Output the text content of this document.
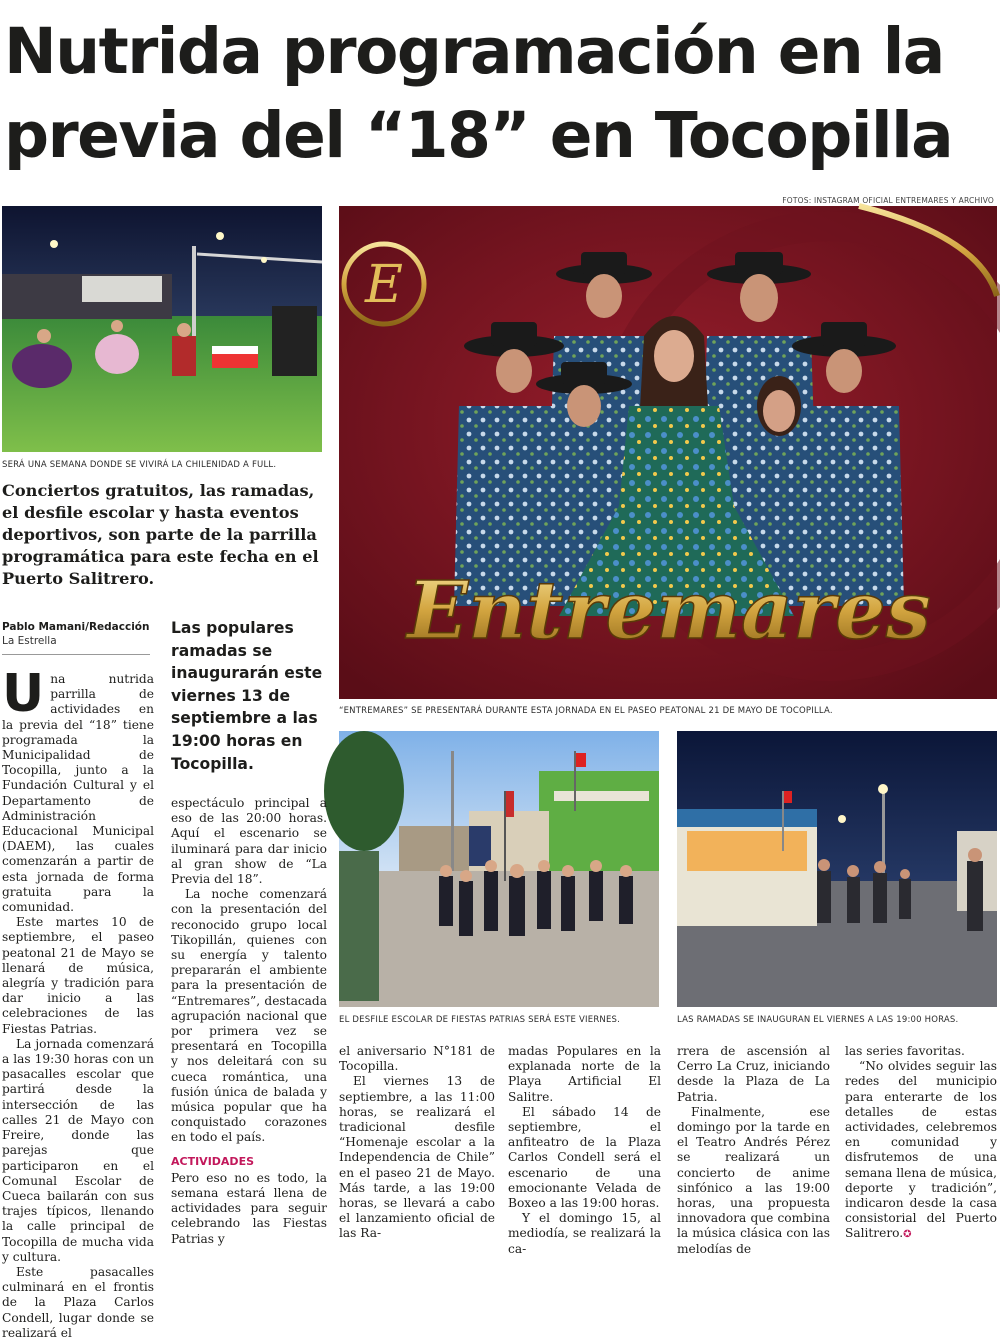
Nutrida programación en la previa del “18” en Tocopilla
FOTOS: INSTAGRAM OFICIAL ENTREMARES Y ARCHIVO
SERÁ UNA SEMANA DONDE SE VIVIRÁ LA CHILENIDAD A FULL.
E
Entremares
“ENTREMARES” SE PRESENTARÁ DURANTE ESTA JORNADA EN EL PASEO PEATONAL 21 DE MAYO DE TOCOPILLA.
EL DESFILE ESCOLAR DE FIESTAS PATRIAS SERÁ ESTE VIERNES.	LAS RAMADAS SE INAUGURAN EL VIERNES A LAS 19:00 HORAS.
Conciertos gratuitos, las ramadas, el desfile escolar y hasta eventos deportivos, son parte de la parrilla programática para este fecha en el Puerto Salitrero.
Pablo Mamani/Redacción
La Estrella
Las populares ramadas se inaugurarán este viernes 13 de septiembre a las 19:00 horas en Tocopilla.

Una nutrida parrilla de actividades en la previa del “18” tiene programada la Municipalidad de Tocopilla, junto a la Fundación Cultural y el Departamento de Administración Educacional Municipal (DAEM), las cuales comenzarán a partir de esta jornada de forma gratuita para la comunidad.

Este martes 10 de septiembre, el paseo peatonal 21 de Mayo se llenará de música, alegría y tradición para dar inicio a las celebraciones de las Fiestas Patrias.

La jornada comenzará a las 19:30 horas con un pasacalles escolar que partirá desde la intersección de las calles 21 de Mayo con Freire, donde las parejas que participaron en el Comunal Escolar de Cueca bailarán con sus trajes típicos, llenando la calle principal de Tocopilla de mucha vida y cultura.

Este pasacalles culminará en el frontis de la Plaza Carlos Condell, lugar donde se realizará el

espectáculo principal a eso de las 20:00 horas. Aquí el escenario se iluminará para dar inicio al gran show de “La Previa del 18”.

La noche comenzará con la presentación del reconocido grupo local Tikopillán, quienes con su energía y talento prepararán el ambiente para la presentación de “Entremares”, destacada agrupación nacional que por primera vez se presentará en Tocopilla y nos deleitará con su cueca romántica, una fusión única de balada y música popular que ha conquistado corazones en todo el país.

ACTIVIDADES

Pero eso no es todo, la semana estará llena de actividades para seguir celebrando las Fiestas Patrias y

el aniversario N°181 de Tocopilla.

El viernes 13 de septiembre, a las 11:00 horas, se realizará el tradicional desfile “Homenaje escolar a la Independencia de Chile” en el paseo 21 de Mayo. Más tarde, a las 19:00 horas, se llevará a cabo el lanzamiento oficial de las Ra-

madas Populares en la explanada norte de la Playa Artificial El Salitre.

El sábado 14 de septiembre, el anfiteatro de la Plaza Carlos Condell será el escenario de una emocionante Velada de Boxeo a las 19:00 horas.

Y el domingo 15, al mediodía, se realizará la ca-

rrera de ascensión al Cerro La Cruz, iniciando desde la Plaza de La Patria.

Finalmente, ese domingo por la tarde en el Teatro Andrés Pérez se realizará un concierto de anime sinfónico a las 19:00 horas, una propuesta innovadora que combina la música clásica con las melodías de

las series favoritas.

“No olvides seguir las redes del municipio para enterarte de los detalles de estas actividades, celebremos en comunidad y disfrutemos de una semana llena de música, deporte y tradición”, indicaron desde la casa consistorial del Puerto Salitrero.✪
